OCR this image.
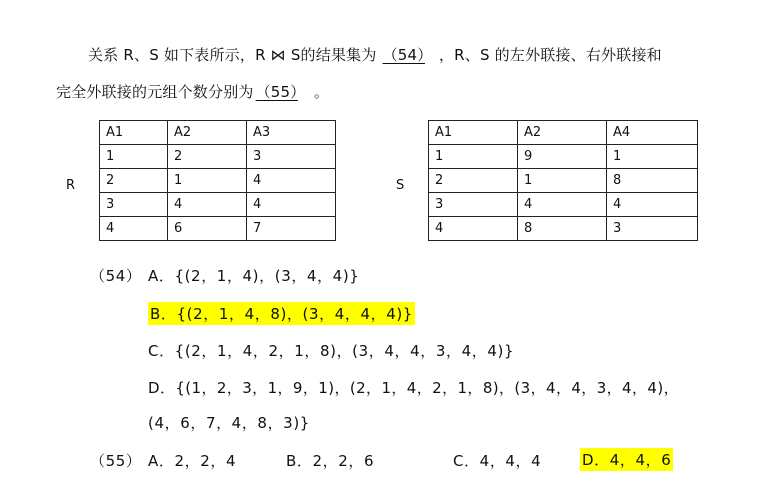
关系 R、S 如下表所示，R ⋈ S的结果集为 （54） ，R、S 的左外联接、右外联接和
完全外联接的元组个数分别为 （55） 。
R
A1	A2	A3
1	2	3
2	1	4
3	4	4
4	6	7
S
A1	A2	A4
1	9	1
2	1	8
3	4	4
4	8	3
（54） A．{(2，1，4)，(3，4，4)}
B．{(2，1，4，8)，(3，4，4，4)}
C．{(2，1，4，2，1，8)，(3，4，4，3，4，4)}
D．{(1，2，3，1，9，1)，(2，1，4，2，1，8)，(3，4，4，3，4，4)，
(4，6，7，4，8，3)}
（55） A．2，2，4	B．2，2，6	C．4，4，4	D．4，4，6
